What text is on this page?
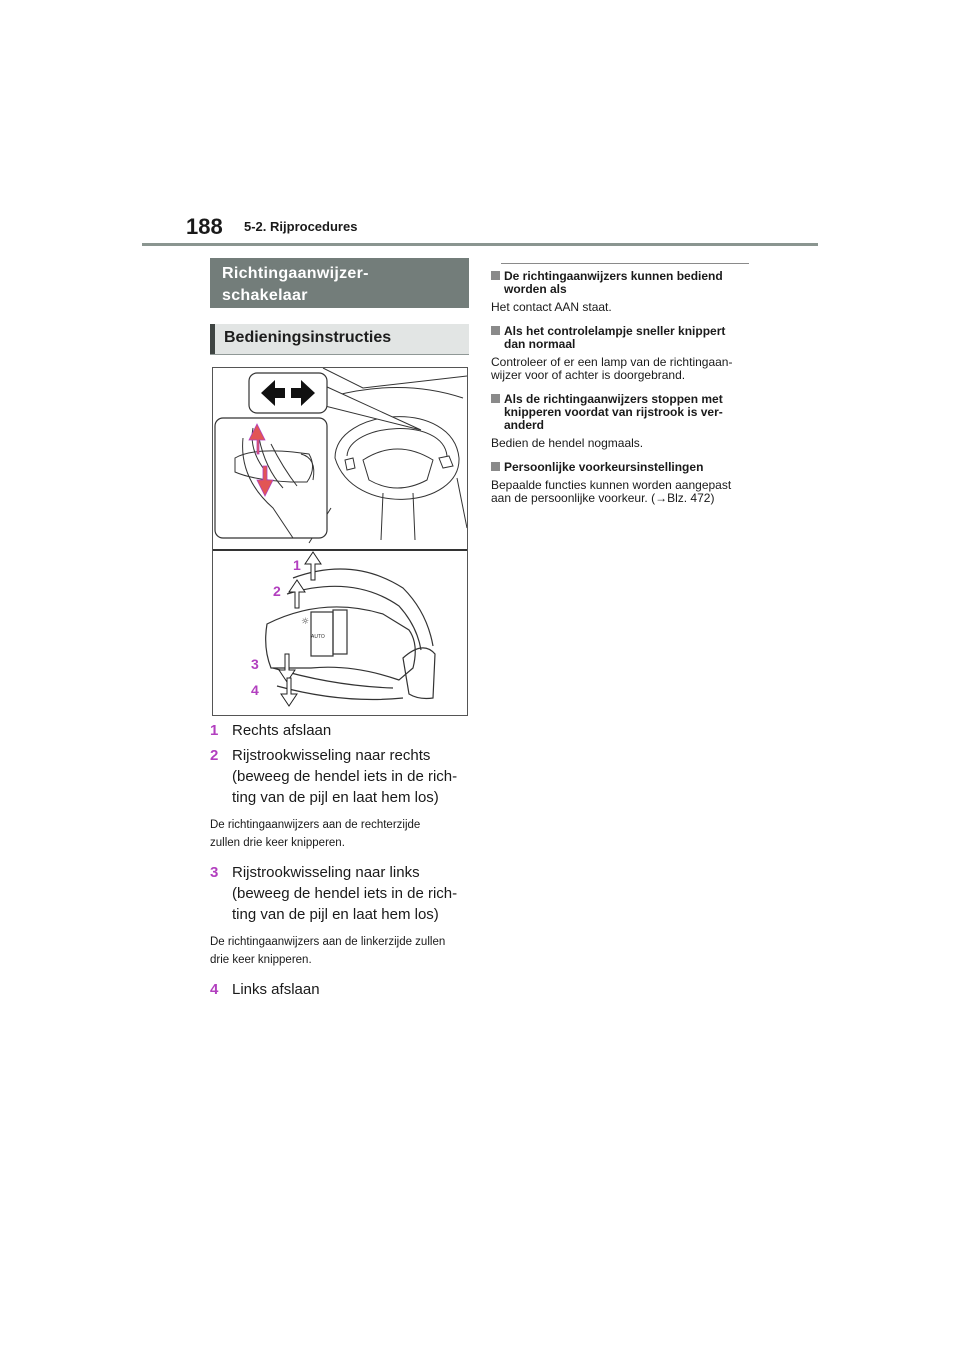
188 5-2. Rijprocedures
Richtingaanwijzer-
schakelaar
Bedieningsinstructies
☼
AUTO
1
2
3
4
1 Rechts afslaan
2 Rijstrookwisseling naar rechts
(beweeg de hendel iets in de rich-
ting van de pijl en laat hem los)
De richtingaanwijzers aan de rechterzijde
zullen drie keer knipperen.
3 Rijstrookwisseling naar links
(beweeg de hendel iets in de rich-
ting van de pijl en laat hem los)
De richtingaanwijzers aan de linkerzijde zullen
drie keer knipperen.
4 Links afslaan
De richtingaanwijzers kunnen bediend
worden als
Het contact AAN staat.
Als het controlelampje sneller knippert
dan normaal
Controleer of er een lamp van de richtingaan-
wijzer voor of achter is doorgebrand.
Als de richtingaanwijzers stoppen met
knipperen voordat van rijstrook is ver-
anderd
Bedien de hendel nogmaals.
Persoonlijke voorkeursinstellingen
Bepaalde functies kunnen worden aangepast
aan de persoonlijke voorkeur. (→Blz. 472)
